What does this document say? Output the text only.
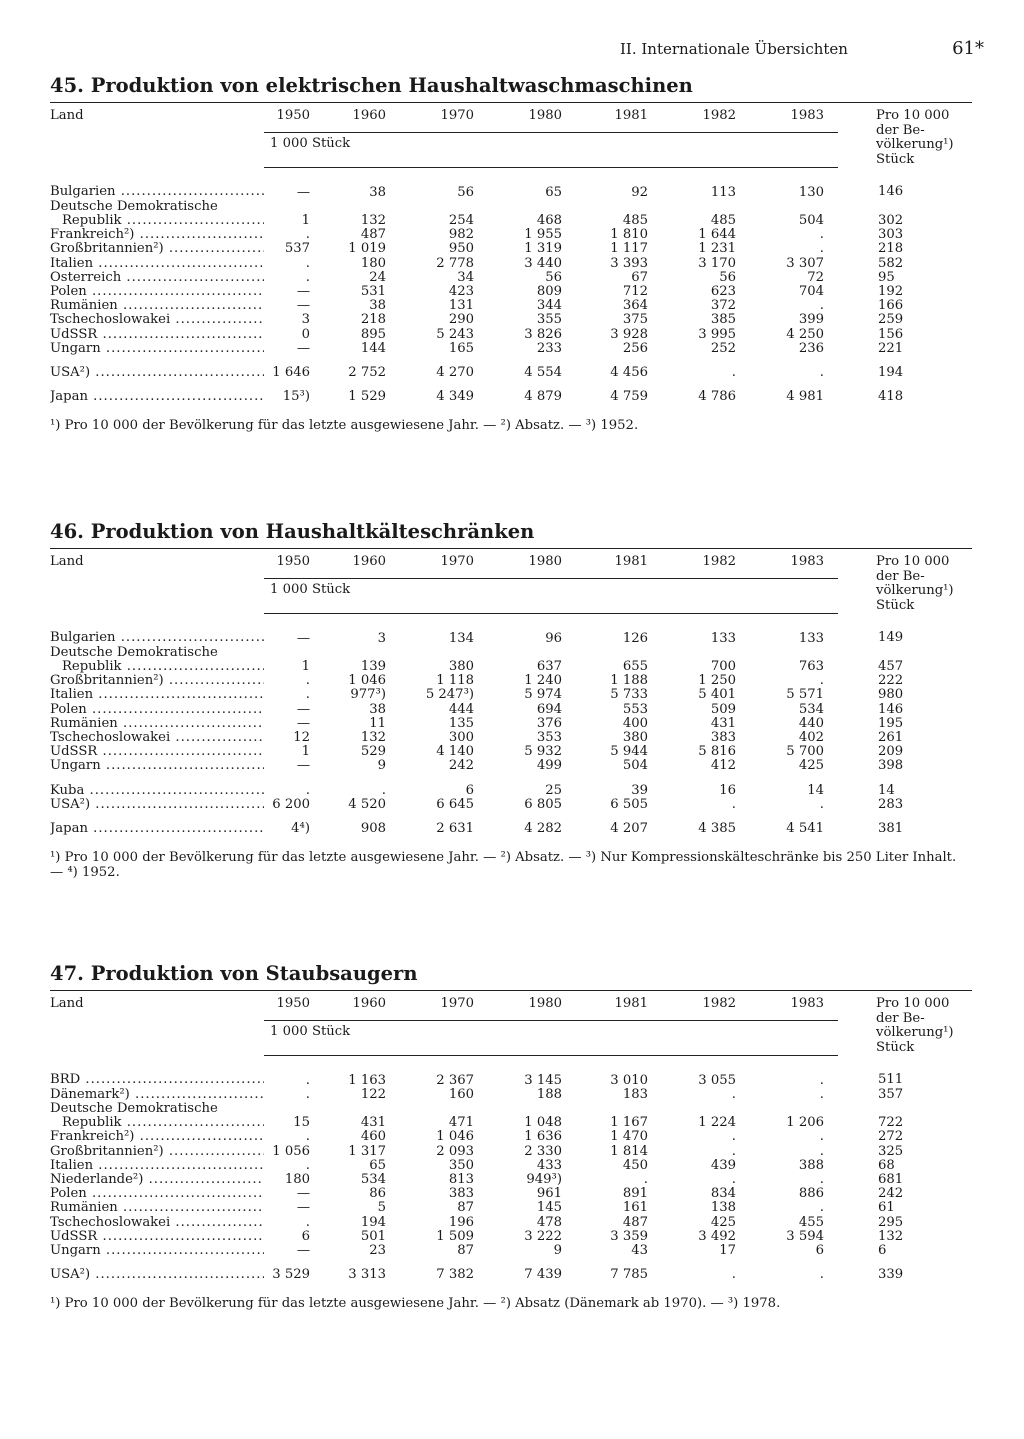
II. Internationale Übersichten	61*
45. Produktion von elektrischen Haushaltwaschmaschinen
Land	1950	1960	1970	1980	1981	1982	1983	Pro 10 000
der Be-
völkerung¹)
Stück

	1 000 Stück							

Bulgarien .....	—	38	56	65	92	113	130	146
Deutsche Demokratische								
Republik .....	1	132	254	468	485	485	504	302
Frankreich²) .....	.	487	982	1 955	1 810	1 644	.	303
Großbritannien²) .....	537	1 019	950	1 319	1 117	1 231	.	218
Italien .....	.	180	2 778	3 440	3 393	3 170	3 307	582
Österreich .....	.	24	34	56	67	56	72	95
Polen .....	—	531	423	809	712	623	704	192
Rumänien .....	—	38	131	344	364	372	.	166
Tschechoslowakei .....	3	218	290	355	375	385	399	259
UdSSR .....	0	895	5 243	3 826	3 928	3 995	4 250	156
Ungarn .....	—	144	165	233	256	252	236	221
USA²) .....	1 646	2 752	4 270	4 554	4 456	.	.	194
Japan .....	15³)	1 529	4 349	4 879	4 759	4 786	4 981	418
¹) Pro 10 000 der Bevölkerung für das letzte ausgewiesene Jahr. — ²) Absatz. — ³) 1952.
46. Produktion von Haushaltkälteschränken
Land	1950	1960	1970	1980	1981	1982	1983	Pro 10 000
der Be-
völkerung¹)
Stück

	1 000 Stück							

Bulgarien .....	—	3	134	96	126	133	133	149
Deutsche Demokratische								
Republik .....	1	139	380	637	655	700	763	457
Großbritannien²) .....	.	1 046	1 118	1 240	1 188	1 250	.	222
Italien .....	.	977³)	5 247³)	5 974	5 733	5 401	5 571	980
Polen .....	—	38	444	694	553	509	534	146
Rumänien .....	—	11	135	376	400	431	440	195
Tschechoslowakei .....	12	132	300	353	380	383	402	261
UdSSR .....	1	529	4 140	5 932	5 944	5 816	5 700	209
Ungarn .....	—	9	242	499	504	412	425	398
Kuba .....	.	.	6	25	39	16	14	14
USA²) .....	6 200	4 520	6 645	6 805	6 505	.	.	283
Japan .....	4⁴)	908	2 631	4 282	4 207	4 385	4 541	381
¹) Pro 10 000 der Bevölkerung für das letzte ausgewiesene Jahr. — ²) Absatz. — ³) Nur Kompressionskälteschränke bis 250 Liter Inhalt. — ⁴) 1952.
47. Produktion von Staubsaugern
Land	1950	1960	1970	1980	1981	1982	1983	Pro 10 000
der Be-
völkerung¹)
Stück

	1 000 Stück							

BRD .....	.	1 163	2 367	3 145	3 010	3 055	.	511
Dänemark²) .....	.	122	160	188	183	.	.	357
Deutsche Demokratische								
Republik .....	15	431	471	1 048	1 167	1 224	1 206	722
Frankreich²) .....	.	460	1 046	1 636	1 470	.	.	272
Großbritannien²) .....	1 056	1 317	2 093	2 330	1 814	.	.	325
Italien .....	.	65	350	433	450	439	388	68
Niederlande²) .....	180	534	813	949³)	.	.	.	681
Polen .....	—	86	383	961	891	834	886	242
Rumänien .....	—	5	87	145	161	138	.	61
Tschechoslowakei .....	.	194	196	478	487	425	455	295
UdSSR .....	6	501	1 509	3 222	3 359	3 492	3 594	132
Ungarn .....	—	23	87	9	43	17	6	6
USA²) .....	3 529	3 313	7 382	7 439	7 785	.	.	339
¹) Pro 10 000 der Bevölkerung für das letzte ausgewiesene Jahr. — ²) Absatz (Dänemark ab 1970). — ³) 1978.
